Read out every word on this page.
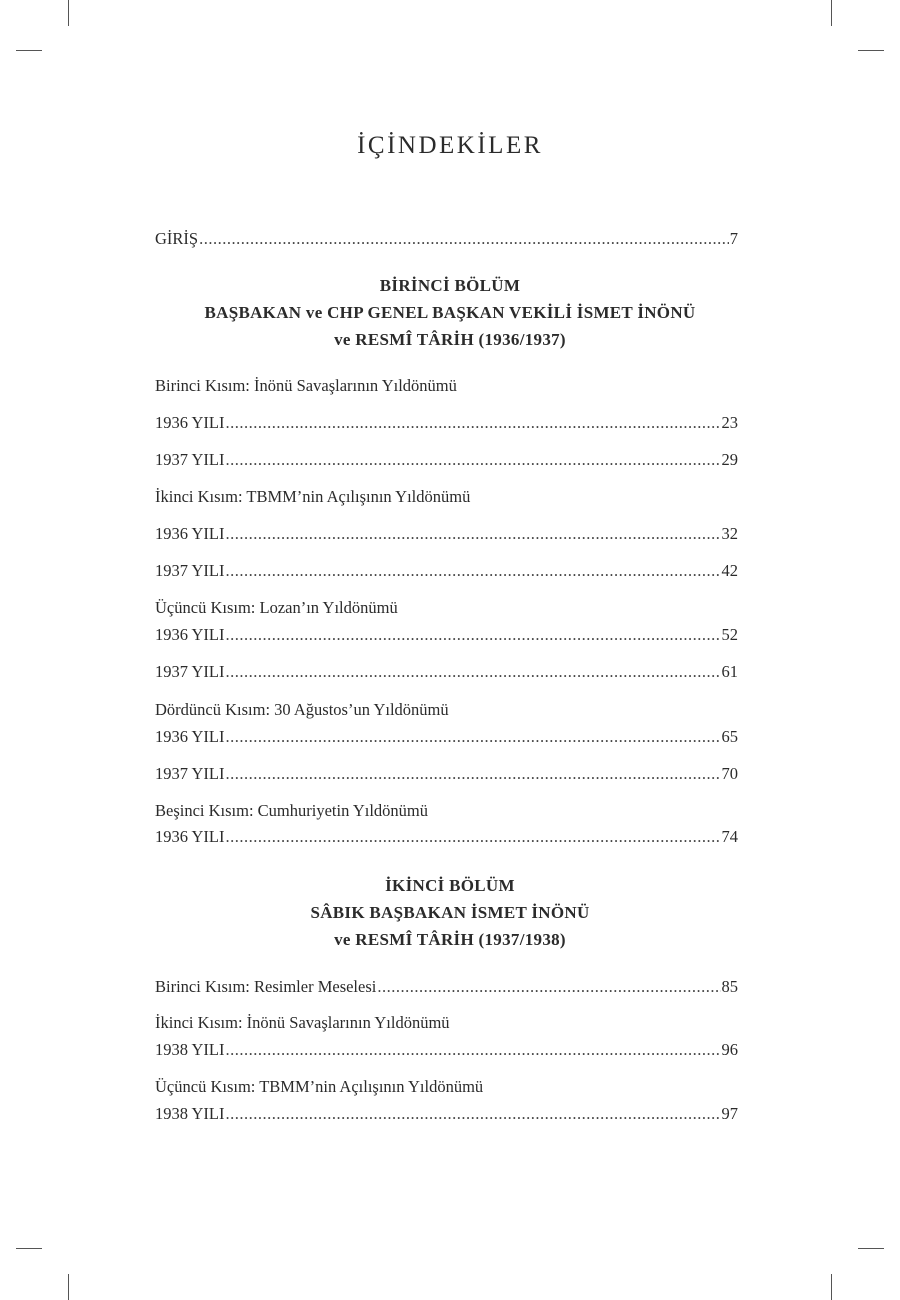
İÇİNDEKİLER
GİRİŞ .....	7
BİRİNCİ BÖLÜM
BAŞBAKAN ve CHP GENEL BAŞKAN VEKİLİ İSMET İNÖNÜ
ve RESMÎ TÂRİH (1936/1937)
Birinci Kısım: İnönü Savaşlarının Yıldönümü
1936 YILI .....	23
1937 YILI .....	29
İkinci Kısım: TBMM’nin Açılışının Yıldönümü
1936 YILI .....	32
1937 YILI .....	42
Üçüncü Kısım: Lozan’ın Yıldönümü
1936 YILI .....	52
1937 YILI .....	61
Dördüncü Kısım: 30 Ağustos’un Yıldönümü
1936 YILI .....	65
1937 YILI .....	70
Beşinci Kısım: Cumhuriyetin Yıldönümü
1936 YILI .....	74
İKİNCİ BÖLÜM
SÂBIK BAŞBAKAN İSMET İNÖNÜ
ve RESMÎ TÂRİH (1937/1938)
Birinci Kısım: Resimler Meselesi .....	85
İkinci Kısım: İnönü Savaşlarının Yıldönümü
1938 YILI .....	96
Üçüncü Kısım: TBMM’nin Açılışının Yıldönümü
1938 YILI .....	97
